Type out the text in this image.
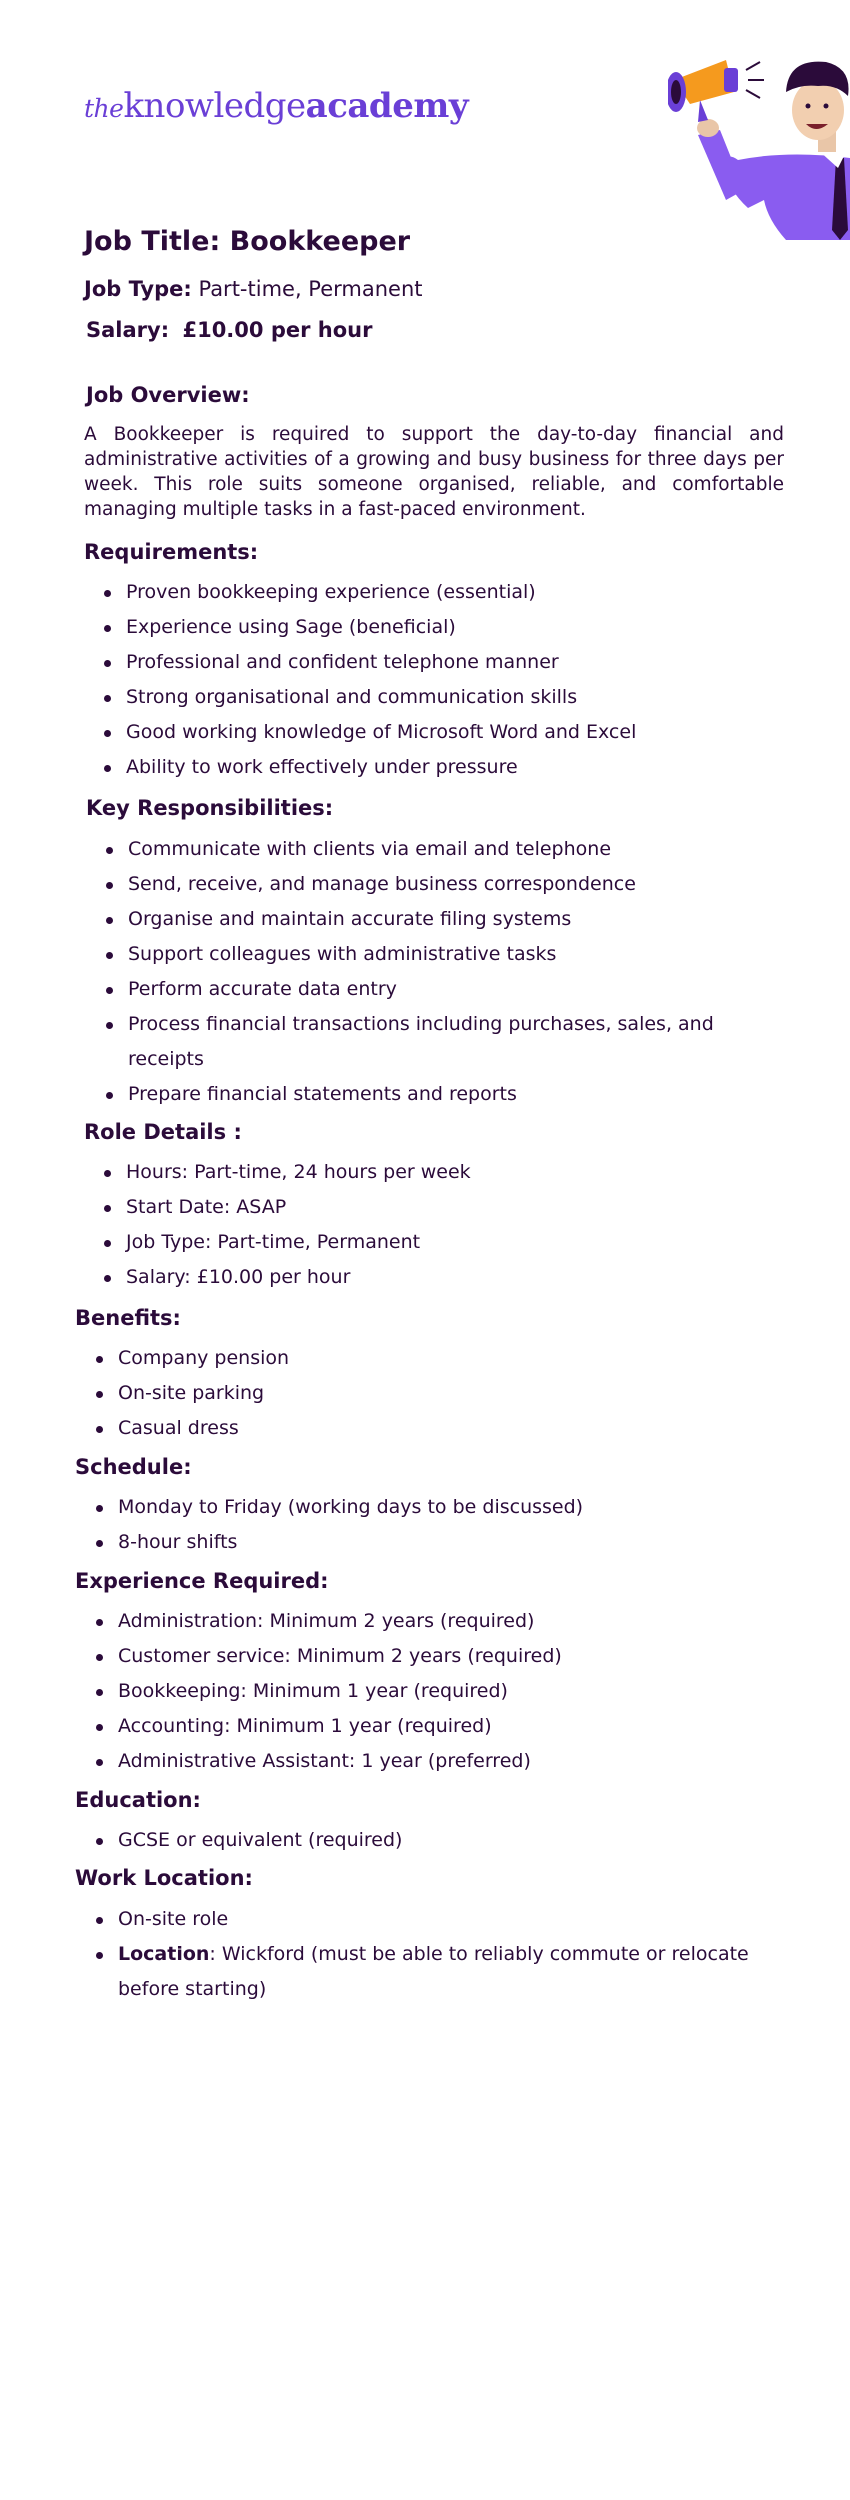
theknowledgeacademy
Job Title: Bookkeeper
Job Type: Part-time, Permanent
Salary: £10.00 per hour
Job Overview:

A Bookkeeper is required to support the day-to-day financial and administrative activities of a growing and busy business for three days per week. This role suits someone organised, reliable, and comfortable managing multiple tasks in a fast-paced environment.

Requirements:
Proven bookkeeping experience (essential)
Experience using Sage (beneficial)
Professional and confident telephone manner
Strong organisational and communication skills
Good working knowledge of Microsoft Word and Excel
Ability to work effectively under pressure
Key Responsibilities:
Communicate with clients via email and telephone
Send, receive, and manage business correspondence
Organise and maintain accurate filing systems
Support colleagues with administrative tasks
Perform accurate data entry
Process financial transactions including purchases, sales, and receipts
Prepare financial statements and reports
Role Details :
Hours: Part-time, 24 hours per week
Start Date: ASAP
Job Type: Part-time, Permanent
Salary: £10.00 per hour
Benefits:
Company pension
On-site parking
Casual dress
Schedule:
Monday to Friday (working days to be discussed)
8-hour shifts
Experience Required:
Administration: Minimum 2 years (required)
Customer service: Minimum 2 years (required)
Bookkeeping: Minimum 1 year (required)
Accounting: Minimum 1 year (required)
Administrative Assistant: 1 year (preferred)
Education:
GCSE or equivalent (required)
Work Location:
On-site role
Location: Wickford (must be able to reliably commute or relocate before starting)
